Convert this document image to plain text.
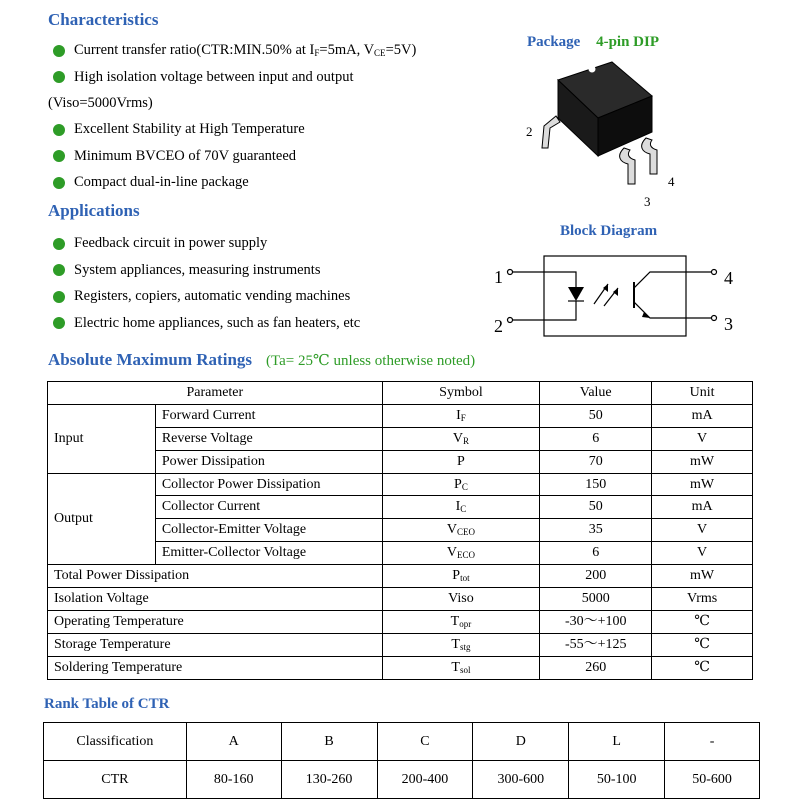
Characteristics
Current transfer ratio(CTR:MIN.50% at $I_F=5mA$, $V_{CE}=5V$)
High isolation voltage between input and output
(Viso=5000Vrms)
Excellent Stability at High Temperature
Minimum BVCEO of 70V guaranteed
Compact dual-in-line package
Applications
Feedback circuit in power supply
System appliances, measuring instruments
Registers, copiers, automatic vending machines
Electric home appliances, such as fan heaters, etc
Package 4-pin DIP
2
3
4
Block Diagram
1
2
4
3
Absolute Maximum Ratings (Ta= 25℃ unless otherwise noted)
Parameter		Symbol	Value	Unit
Input	Forward Current	$I_F$	50	mA
	Reverse Voltage	$V_R$	6	V
	Power Dissipation	P	70	mW
Output	Collector Power Dissipation	$P_C$	150	mW
	Collector Current	$I_C$	50	mA
	Collector-Emitter Voltage	$V_{CEO}$	35	V
	Emitter-Collector Voltage	$V_{ECO}$	6	V
Total Power Dissipation		$P_{tot}$	200	mW
Isolation Voltage		Viso	5000	Vrms
Operating Temperature		$T_{opr}$	-30～+100	℃
Storage Temperature		$T_{stg}$	-55～+125	℃
Soldering Temperature		$T_{sol}$	260	℃
Rank Table of CTR
Classification	A	B	C	D	L	-
CTR	80-160	130-260	200-400	300-600	50-100	50-600
